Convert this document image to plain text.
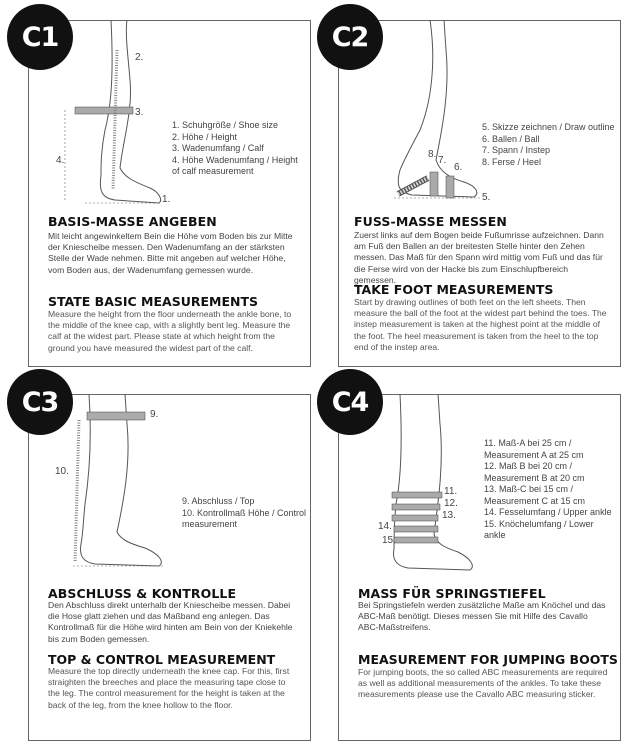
C1
1.
2.
3.
4.
1. Schuhgröße / Shoe size
2. Höhe / Height
3. Wadenumfang / Calf
4. Höhe Wadenumfang / Height of calf measurement
BASIS-MASSE ANGEBEN

Mit leicht angewinkeltem Bein die Höhe vom Boden bis zur Mitte der Kniescheibe messen. Den Wadenumfang an der stärksten Stelle der Wade nehmen. Bitte mit angeben auf welcher Höhe, vom Boden aus, der Wadenumfang gemessen wurde.

STATE BASIC MEASUREMENTS

Measure the height from the floor underneath the ankle bone, to the middle of the knee cap, with a slightly bent leg. Measure the calf at the widest part. Please state at which height from the ground you have measured the widest part of the calf.

C2
8.
7.
6.
5.
5. Skizze zeichnen / Draw outline
6. Ballen / Ball
7. Spann / Instep
8. Ferse / Heel
FUSS-MASSE MESSEN

Zuerst links auf dem Bogen beide Fußumrisse aufzeichnen. Dann am Fuß den Ballen an der breitesten Stelle hinter den Zehen messen. Das Maß für den Spann wird mittig vom Fuß und das für die Ferse wird von der Hacke bis zum Einschlupfbereich gemessen.

TAKE FOOT MEASUREMENTS

Start by drawing outlines of both feet on the left sheets. Then measure the ball of the foot at the widest part behind the toes. The instep measurement is taken at the highest point at the middle of the foot. The heel measurement is taken from the heel to the top end of the instep area.

C3	9.
10.
9. Abschluss / Top
10. Kontrollmaß Höhe / Control measurement
ABSCHLUSS & KONTROLLE

Den Abschluss direkt unterhalb der Kniescheibe messen. Dabei die Hose glatt ziehen und das Maßband eng anlegen. Das Kontrollmaß für die Höhe wird hinten am Bein von der Kniekehle bis zum Boden gemessen.

TOP & CONTROL MEASUREMENT

Measure the top directly underneath the knee cap. For this, first straighten the breeches and place the measuring tape close to the leg. The control measurement for the height is taken at the back of the leg, from the knee hollow to the floor.

C4
11.
12.
13.
14.
15.
11. Maß-A bei 25 cm / Measurement A at 25 cm
12. Maß B bei 20 cm / Measurement B at 20 cm
13. Maß-C bei 15 cm / Measurement C at 15 cm
14. Fesselumfang / Upper ankle
15. Knöchelumfang / Lower ankle
MASS FÜR SPRINGSTIEFEL

Bei Springstiefeln werden zusätzliche Maße am Knöchel und das ABC-Maß benötigt. Dieses messen Sie mit Hilfe des Cavallo ABC-Maßstreifens.

MEASUREMENT FOR JUMPING BOOTS

For jumping boots, the so called ABC measurements are required as well as additional measurements of the ankles. To take these measurements please use the Cavallo ABC measuring sticker.
